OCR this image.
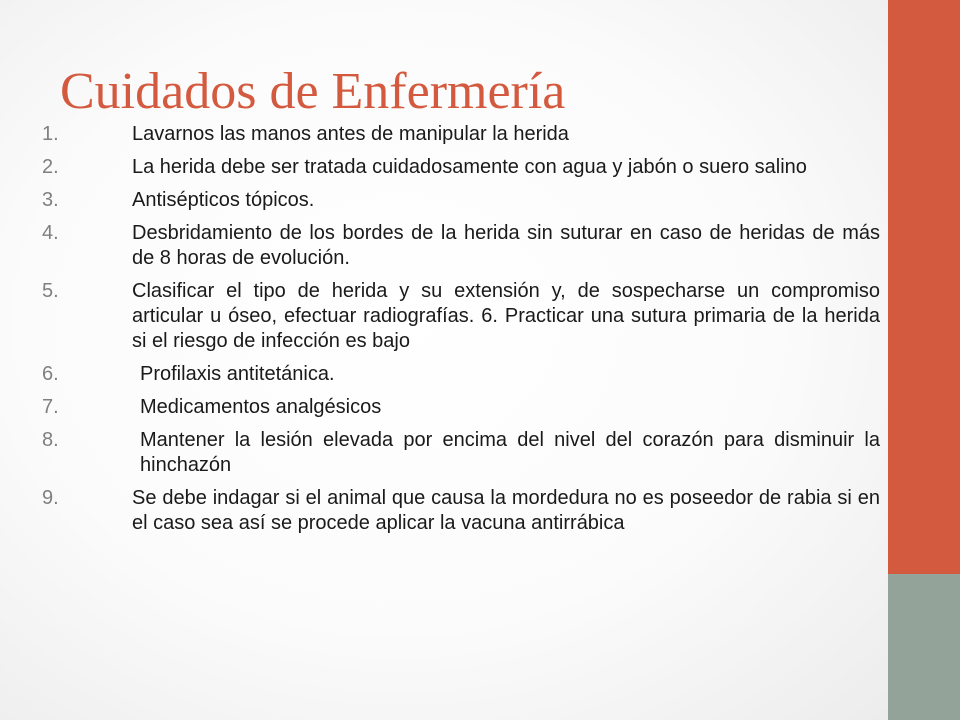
Cuidados de Enfermería
1.	Lavarnos las manos antes de manipular la herida
2.	La herida debe ser tratada cuidadosamente con agua y jabón o suero salino
3.	Antisépticos tópicos.
4.	Desbridamiento de los bordes de la herida sin suturar en caso de heridas de más de 8 horas de evolución.
5.	Clasificar el tipo de herida y su extensión y, de sospecharse un compromiso articular u óseo, efectuar radiografías. 6. Practicar una sutura primaria de la herida si el riesgo de infección es bajo
6.	Profilaxis antitetánica.
7.	Medicamentos analgésicos
8.	Mantener la lesión elevada por encima del nivel del corazón para disminuir la hinchazón
9.	Se debe indagar si el animal que causa la mordedura no es poseedor de rabia si en el caso sea así se procede aplicar la vacuna antirrábica
